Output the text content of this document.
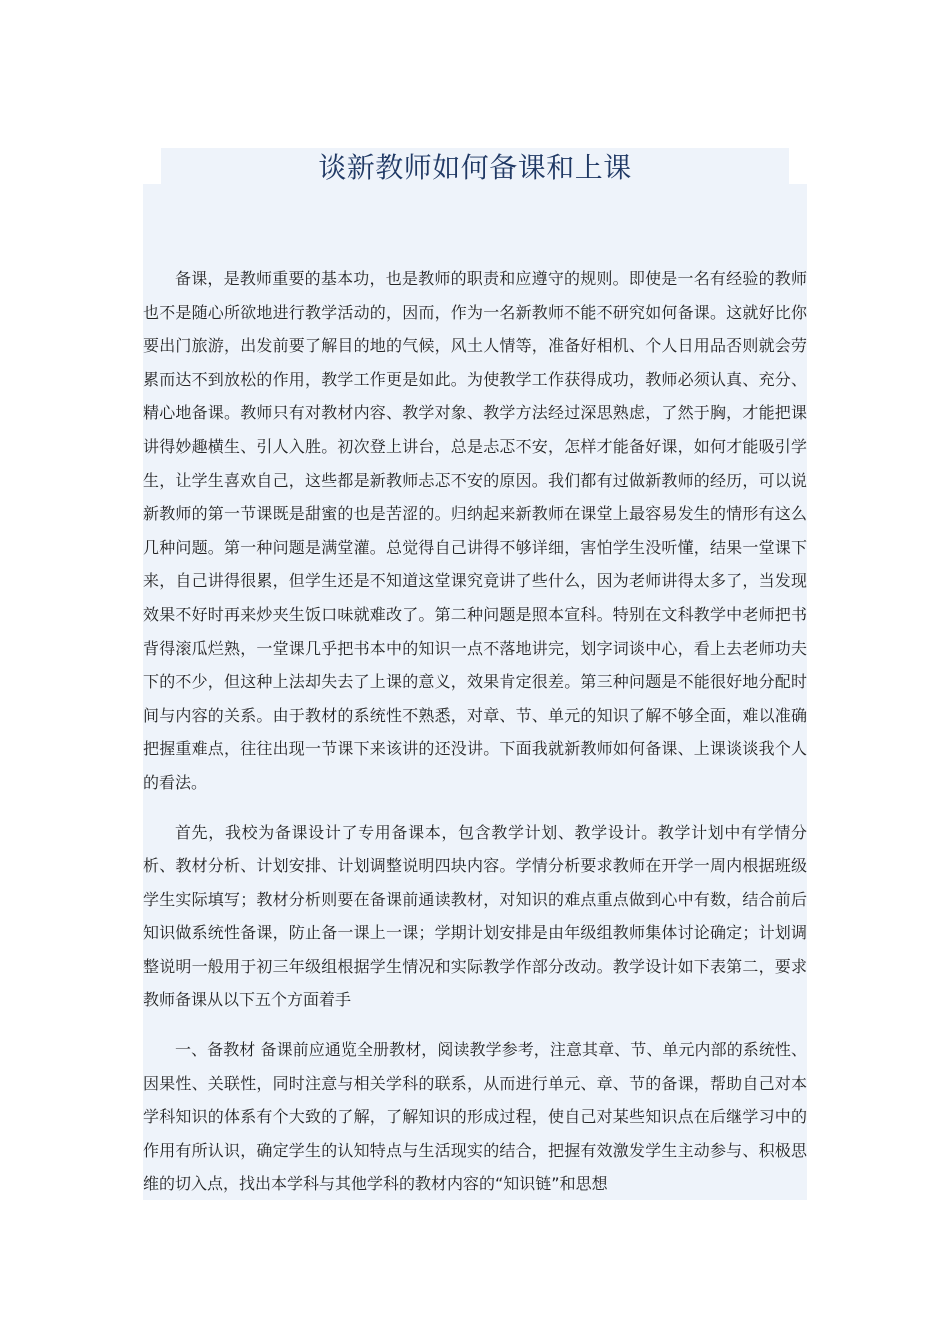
谈新教师如何备课和上课

备课，是教师重要的基本功，也是教师的职责和应遵守的规则。即使是一名有经验的教师也不是随心所欲地进行教学活动的，因而，作为一名新教师不能不研究如何备课。这就好比你要出门旅游，出发前要了解目的地的气候，风土人情等，准备好相机、个人日用品否则就会劳累而达不到放松的作用，教学工作更是如此。为使教学工作获得成功，教师必须认真、充分、精心地备课。教师只有对教材内容、教学对象、教学方法经过深思熟虑，了然于胸，才能把课讲得妙趣横生、引人入胜。初次登上讲台，总是忐忑不安，怎样才能备好课，如何才能吸引学生，让学生喜欢自己，这些都是新教师忐忑不安的原因。我们都有过做新教师的经历，可以说新教师的第一节课既是甜蜜的也是苦涩的。归纳起来新教师在课堂上最容易发生的情形有这么几种问题。第一种问题是满堂灌。总觉得自己讲得不够详细，害怕学生没听懂，结果一堂课下来，自己讲得很累，但学生还是不知道这堂课究竟讲了些什么，因为老师讲得太多了，当发现效果不好时再来炒夹生饭口味就难改了。第二种问题是照本宣科。特别在文科教学中老师把书背得滚瓜烂熟，一堂课几乎把书本中的知识一点不落地讲完，划字词谈中心，看上去老师功夫下的不少，但这种上法却失去了上课的意义，效果肯定很差。第三种问题是不能很好地分配时间与内容的关系。由于教材的系统性不熟悉，对章、节、单元的知识了解不够全面，难以准确把握重难点，往往出现一节课下来该讲的还没讲。下面我就新教师如何备课、上课谈谈我个人的看法。

首先，我校为备课设计了专用备课本，包含教学计划、教学设计。教学计划中有学情分析、教材分析、计划安排、计划调整说明四块内容。学情分析要求教师在开学一周内根据班级学生实际填写；教材分析则要在备课前通读教材，对知识的难点重点做到心中有数，结合前后知识做系统性备课，防止备一课上一课；学期计划安排是由年级组教师集体讨论确定；计划调整说明一般用于初三年级组根据学生情况和实际教学作部分改动。教学设计如下表第二，要求教师备课从以下五个方面着手

一、备教材 备课前应通览全册教材，阅读教学参考，注意其章、节、单元内部的系统性、因果性、关联性，同时注意与相关学科的联系，从而进行单元、章、节的备课，帮助自己对本学科知识的体系有个大致的了解，了解知识的形成过程，使自己对某些知识点在后继学习中的作用有所认识，确定学生的认知特点与生活现实的结合，把握有效激发学生主动参与、积极思维的切入点，找出本学科与其他学科的教材内容的“知识链”和思想
